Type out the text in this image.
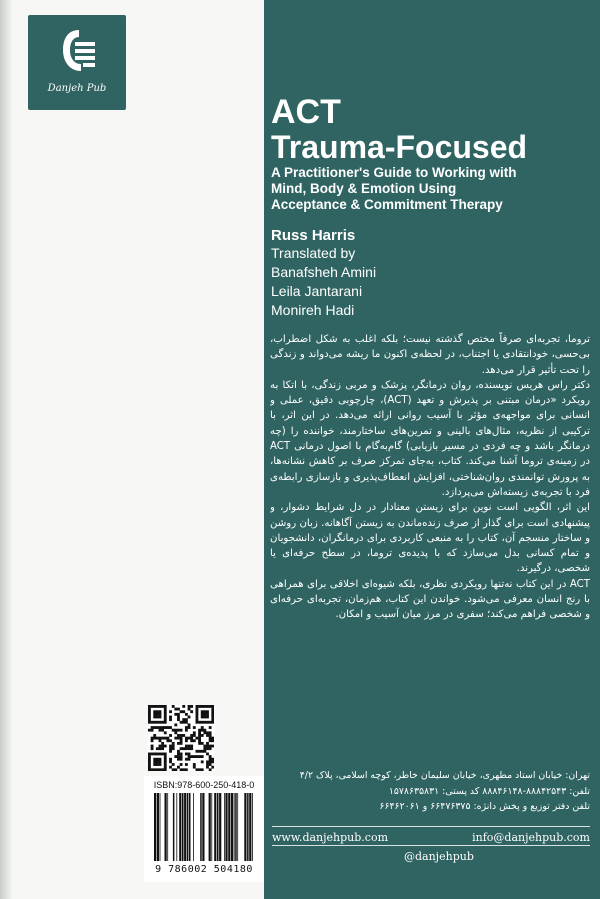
Danjeh Pub
ACT
Trauma-Focused
A Practitioner's Guide to Working with
Mind, Body & Emotion Using
Acceptance & Commitment Therapy
Russ Harris
Translated by
Banafsheh Amini
Leila Jantarani
Monireh Hadi

تروما، تجربه‌ای صرفاً مختص گذشته نیست؛ بلکه اغلب به شکل اضطراب، بی‌حسی، خودانتقادی یا اجتناب، در لحظه‌ی اکنون ما ریشه می‌دواند و زندگی را تحت تأثیر قرار می‌دهد.

دکتر راس هریس نویسنده، روان درمانگر، پزشک و مربی زندگی، با اتکا به رویکرد «درمان مبتنی بر پذیرش و تعهد (ACT)، چارچوبی دقیق، عملی و انسانی برای مواجهه‌ی مؤثر با آسیب روانی ارائه می‌دهد. در این اثر، با ترکیبی از نظریه، مثال‌های بالینی و تمرین‌های ساختارمند، خواننده را (چه درمانگر باشد و چه فردی در مسیر بازیابی) گام‌به‌گام با اصول درمانی ACT در زمینه‌ی تروما آشنا می‌کند. کتاب، به‌جای تمرکز صرف بر کاهش نشانه‌ها، به پرورش توانمندی روان‌شناختی، افزایش انعطاف‌پذیری و بازسازی رابطه‌ی فرد با تجربه‌ی زیسته‌اش می‌پردازد.

این اثر، الگویی است نوین برای زیستن معنادار در دل شرایط دشوار، و پیشنهادی است برای گذار از صرف زنده‌ماندن به زیستن آگاهانه. زبان روشن و ساختار منسجم آن، کتاب را به منبعی کاربردی برای درمانگران، دانشجویان و تمام کسانی بدل می‌سازد که با پدیده‌ی تروما، در سطح حرفه‌ای یا شخصی، درگیرند.

ACT در این کتاب نه‌تنها رویکردی نظری، بلکه شیوه‌ای اخلاقی برای همراهی با رنج انسان معرفی می‌شود. خواندن این کتاب، هم‌زمان، تجربه‌ای حرفه‌ای و شخصی فراهم می‌کند؛ سفری در مرز میان آسیب و امکان.

ISBN:978-600-250-418-0
9 786002 504180
تهران: خیابان استاد مطهری، خیابان سلیمان خاطر، کوچه اسلامی، پلاک ۴/۲
تلفن: ۸۸۸۴۲۵۴۳-۸۸۸۴۶۱۴۸ کد پستی: ۱۵۷۸۶۳۵۸۳۱
تلفن دفتر توزیع و پخش دانژه: ۶۶۴۷۶۳۷۵ و ۶۶۴۶۲۰۶۱
www.danjehpub.com	info@danjehpub.com
@danjehpub
